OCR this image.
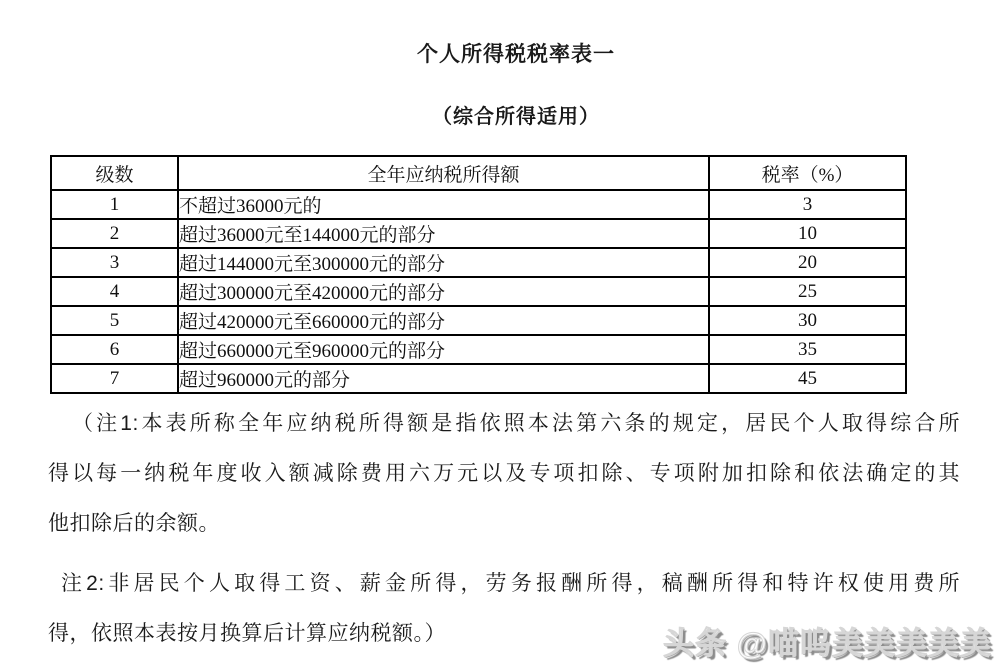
个人所得税税率表一
（综合所得适用）
级数	全年应纳税所得额	税率（%）
1	不超过36000元的	3
2	超过36000元至144000元的部分	10
3	超过144000元至300000元的部分	20
4	超过300000元至420000元的部分	25
5	超过420000元至660000元的部分	30
6	超过660000元至960000元的部分	35
7	超过960000元的部分	45
（注1:本表所称全年应纳税所得额是指依照本法第六条的规定，居民个人取得综合所
得以每一纳税年度收入额减除费用六万元以及专项扣除、专项附加扣除和依法确定的其
他扣除后的余额。
注2:非居民个人取得工资、薪金所得，劳务报酬所得，稿酬所得和特许权使用费所
得，依照本表按月换算后计算应纳税额。）	头条 @喵呜美美美美美
